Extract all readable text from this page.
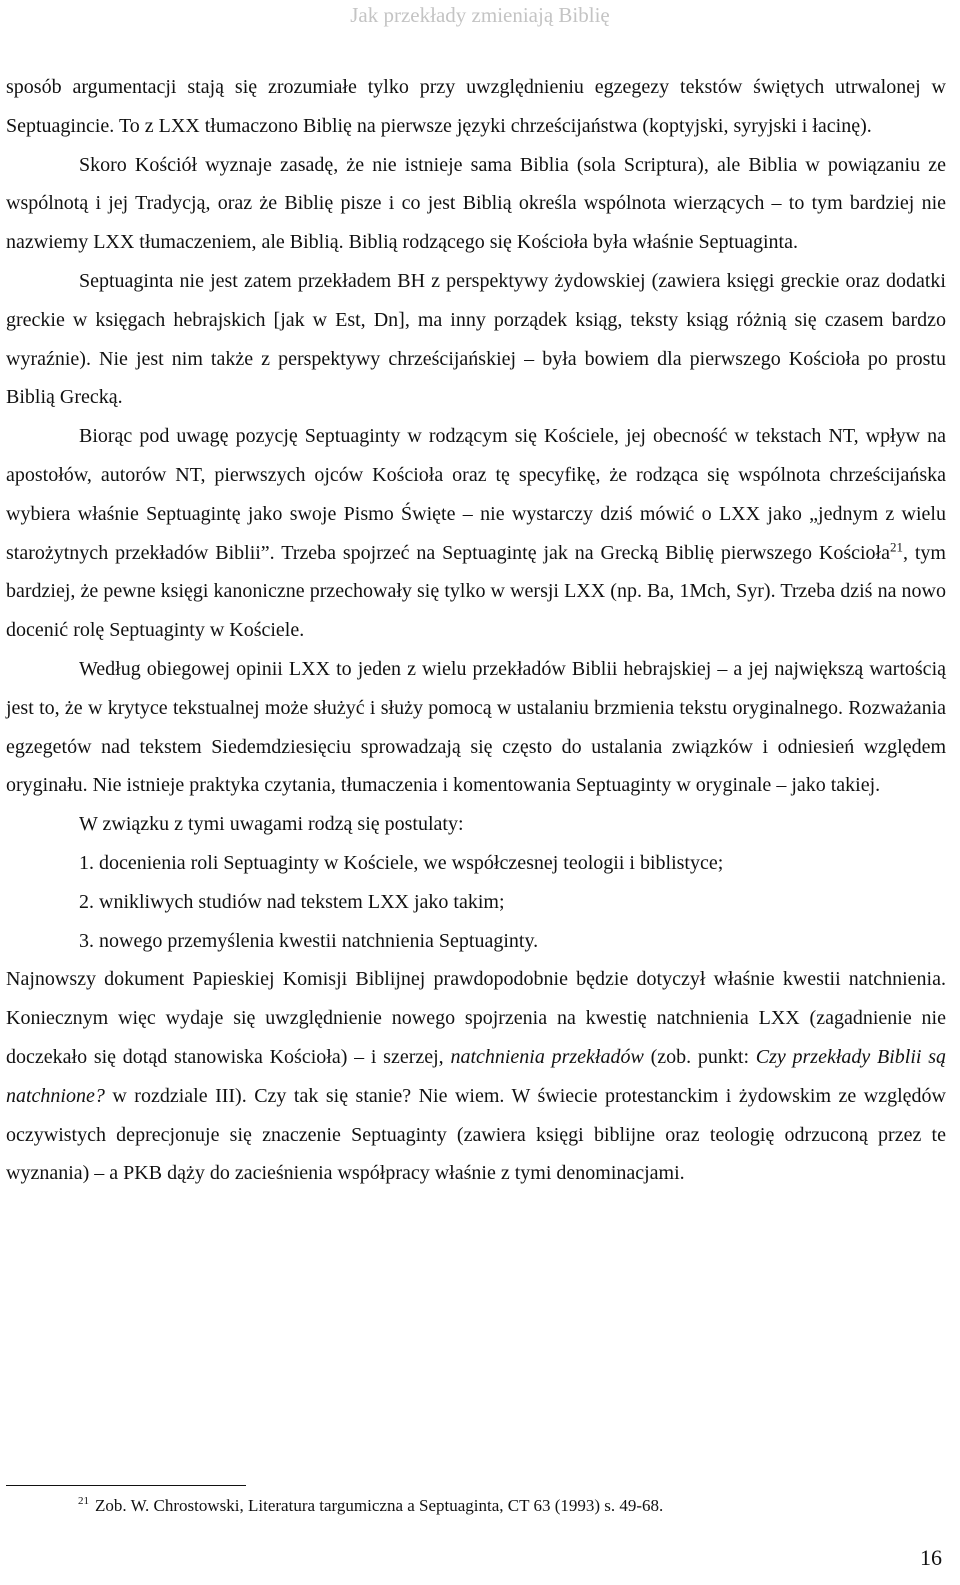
Jak przekłady zmieniają Biblię

sposób argumentacji stają się zrozumiałe tylko przy uwzględnieniu egzegezy tekstów świętych utrwalonej w Septuagincie. To z LXX tłumaczono Biblię na pierwsze języki chrześcijaństwa (koptyjski, syryjski i łacinę).

Skoro Kościół wyznaje zasadę, że nie istnieje sama Biblia (sola Scriptura), ale Biblia w powiązaniu ze wspólnotą i jej Tradycją, oraz że Biblię pisze i co jest Biblią określa wspólnota wierzących – to tym bardziej nie nazwiemy LXX tłumaczeniem, ale Biblią. Biblią rodzącego się Kościoła była właśnie Septuaginta.

Septuaginta nie jest zatem przekładem BH z perspektywy żydowskiej (zawiera księgi greckie oraz dodatki greckie w księgach hebrajskich [jak w Est, Dn], ma inny porządek ksiąg, teksty ksiąg różnią się czasem bardzo wyraźnie). Nie jest nim także z perspektywy chrześcijańskiej – była bowiem dla pierwszego Kościoła po prostu Biblią Grecką.

Biorąc pod uwagę pozycję Septuaginty w rodzącym się Kościele, jej obecność w tekstach NT, wpływ na apostołów, autorów NT, pierwszych ojców Kościoła oraz tę specyfikę, że rodząca się wspólnota chrześcijańska wybiera właśnie Septuagintę jako swoje Pismo Święte – nie wystarczy dziś mówić o LXX jako „jednym z wielu starożytnych przekładów Biblii”. Trzeba spojrzeć na Septuagintę jak na Grecką Biblię pierwszego Kościoła$^{21}$, tym bardziej, że pewne księgi kanoniczne przechowały się tylko w wersji LXX (np. Ba, 1Mch, Syr). Trzeba dziś na nowo docenić rolę Septuaginty w Kościele.

Według obiegowej opinii LXX to jeden z wielu przekładów Biblii hebrajskiej – a jej największą wartością jest to, że w krytyce tekstualnej może służyć i służy pomocą w ustalaniu brzmienia tekstu oryginalnego. Rozważania egzegetów nad tekstem Siedemdziesięciu sprowadzają się często do ustalania związków i odniesień względem oryginału. Nie istnieje praktyka czytania, tłumaczenia i komentowania Septuaginty w oryginale – jako takiej.

W związku z tymi uwagami rodzą się postulaty:

1. docenienia roli Septuaginty w Kościele, we współczesnej teologii i biblistyce;

2. wnikliwych studiów nad tekstem LXX jako takim;

3. nowego przemyślenia kwestii natchnienia Septuaginty.

Najnowszy dokument Papieskiej Komisji Biblijnej prawdopodobnie będzie dotyczył właśnie kwestii natchnienia. Koniecznym więc wydaje się uwzględnienie nowego spojrzenia na kwestię natchnienia LXX (zagadnienie nie doczekało się dotąd stanowiska Kościoła) – i szerzej, natchnienia przekładów (zob. punkt: Czy przekłady Biblii są natchnione? w rozdziale III). Czy tak się stanie? Nie wiem. W świecie protestanckim i żydowskim ze względów oczywistych deprecjonuje się znaczenie Septuaginty (zawiera księgi biblijne oraz teologię odrzuconą przez te wyznania) – a PKB dąży do zacieśnienia współpracy właśnie z tymi denominacjami.

$^{21}$ Zob. W. Chrostowski, Literatura targumiczna a Septuaginta, CT 63 (1993) s. 49-68.
16
